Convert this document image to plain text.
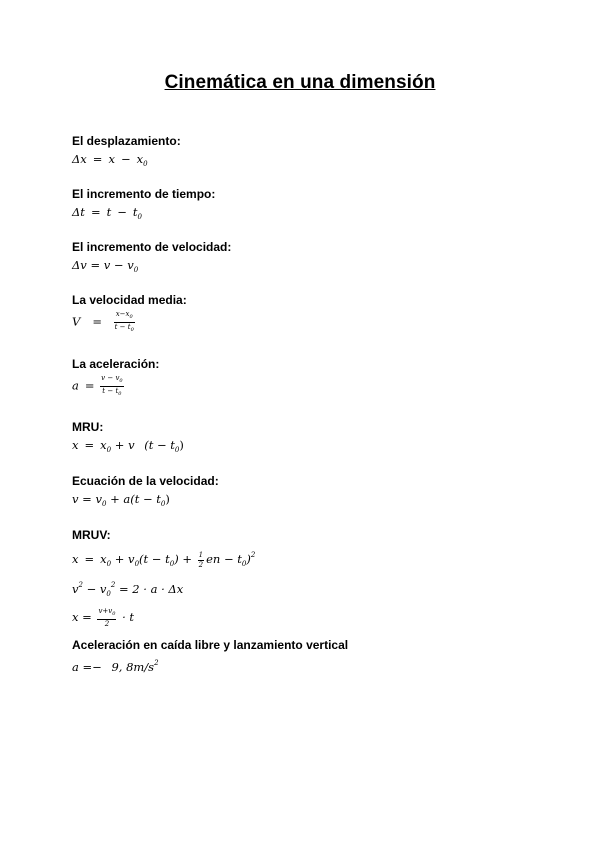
Cinemática en una dimensión
El desplazamiento:
$\Delta x = x - x_0$
El incremento de tiempo:
$\Delta t = t - t_0$
El incremento de velocidad:
$\Delta v = v - v_0$
La velocidad media:
$V = \frac{x-x_0}{t - t_0}$
La aceleración:
$a = \frac{v - v_0}{t - t_0}$
MRU:
$x = x_0 + v$ $(t - t_0)$
Ecuación de la velocidad:
$v = v_0 + a(t - t_0)$
MRUV:
$x = x_0 + v_0(t - t_0) + \frac{1}{2}$ en − $t_0)^2$
$v^2 - v_0^2 = 2 \cdot a \cdot \Delta x$
$x = \frac{v+v_0}{2} \cdot t$
Aceleración en caída libre y lanzamiento vertical
a =− 9, $8m/s^2$
